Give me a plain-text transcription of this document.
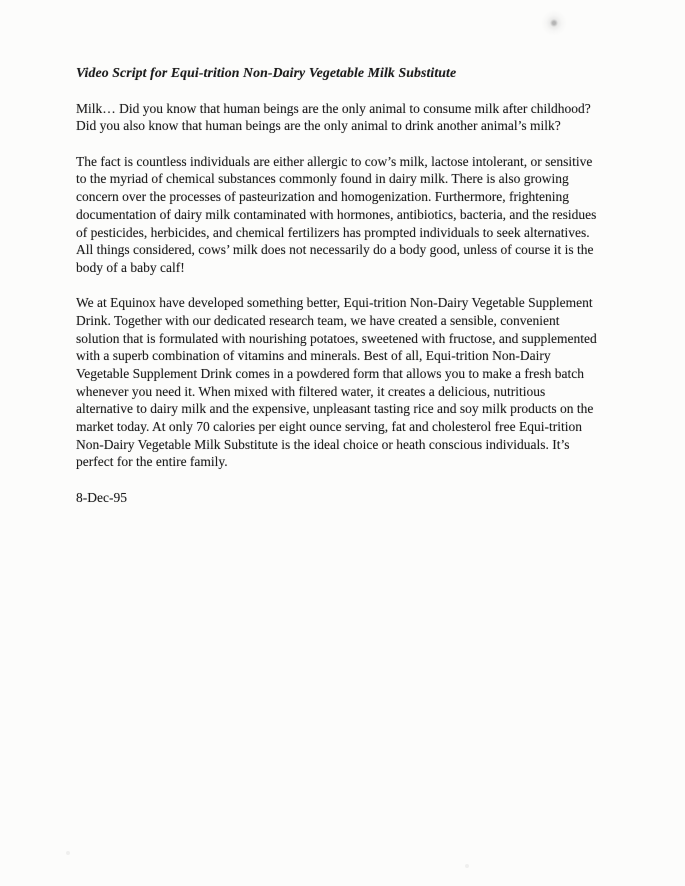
Video Script for Equi-trition Non-Dairy Vegetable Milk Substitute
Milk… Did you know that human beings are the only animal to consume milk after childhood?
Did you also know that human beings are the only animal to drink another animal’s milk?
The fact is countless individuals are either allergic to cow’s milk, lactose intolerant, or sensitive
to the myriad of chemical substances commonly found in dairy milk. There is also growing
concern over the processes of pasteurization and homogenization. Furthermore, frightening
documentation of dairy milk contaminated with hormones, antibiotics, bacteria, and the residues
of pesticides, herbicides, and chemical fertilizers has prompted individuals to seek alternatives.
All things considered, cows’ milk does not necessarily do a body good, unless of course it is the
body of a baby calf!
We at Equinox have developed something better, Equi-trition Non-Dairy Vegetable Supplement
Drink. Together with our dedicated research team, we have created a sensible, convenient
solution that is formulated with nourishing potatoes, sweetened with fructose, and supplemented
with a superb combination of vitamins and minerals. Best of all, Equi-trition Non-Dairy
Vegetable Supplement Drink comes in a powdered form that allows you to make a fresh batch
whenever you need it. When mixed with filtered water, it creates a delicious, nutritious
alternative to dairy milk and the expensive, unpleasant tasting rice and soy milk products on the
market today. At only 70 calories per eight ounce serving, fat and cholesterol free Equi-trition
Non-Dairy Vegetable Milk Substitute is the ideal choice or heath conscious individuals. It’s
perfect for the entire family.
8-Dec-95
